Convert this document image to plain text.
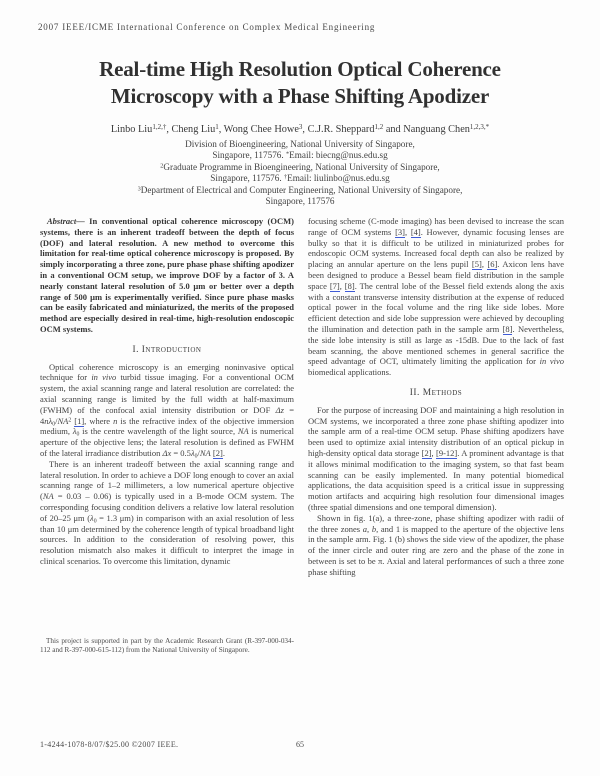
2007 IEEE/ICME International Conference on Complex Medical Engineering
Real-time High Resolution Optical Coherence
Microscopy with a Phase Shifting Apodizer
Linbo Liu$^{1,2,\dagger}$, Cheng Liu$^1$, Wong Chee Howe$^3$, C.J.R. Sheppard$^{1,2}$ and Nanguang Chen$^{1,2,3,*}$
Division of Bioengineering, National University of Singapore,
Singapore, 117576. *Email: biecng@nus.edu.sg
$^2$Graduate Programme in Bioengineering, National University of Singapore,
Singapore, 117576. †Email: liulinbo@nus.edu.sg
$^3$Department of Electrical and Computer Engineering, National University of Singapore,
Singapore, 117576

Abstract— In conventional optical coherence microscopy (OCM) systems, there is an inherent tradeoff between the depth of focus (DOF) and lateral resolution. A new method to overcome this limitation for real-time optical coherence microscopy is proposed. By simply incorporating a three zone, pure phase phase shifting apodizer in a conventional OCM setup, we improve DOF by a factor of 3. A nearly constant lateral resolution of 5.0 μm or better over a depth range of 500 μm is experimentally verified. Since pure phase masks can be easily fabricated and miniaturized, the merits of the proposed method are especially desired in real-time, high-resolution endoscopic OCM systems.

I. Introduction

Optical coherence microscopy is an emerging noninvasive optical technique for in vivo turbid tissue imaging. For a conventional OCM system, the axial scanning range and lateral resolution are correlated: the axial scanning range is limited by the full width at half-maximum (FWHM) of the confocal axial intensity distribution or DOF $\Delta z = 4n\lambda 0/NA^2$ [1], where n is the refractive index of the objective immersion medium, λ0 is the centre wavelength of the light source, NA is numerical aperture of the objective lens; the lateral resolution is defined as FWHM of the lateral irradiance distribution Δx = 0.5λ0/NA [2].

There is an inherent tradeoff between the axial scanning range and lateral resolution. In order to achieve a DOF long enough to cover an axial scanning range of 1–2 millimeters, a low numerical aperture objective (NA = 0.03 – 0.06) is typically used in a B-mode OCM system. The corresponding focusing condition delivers a relative low lateral resolution of 20–25 μm (λ0 = 1.3 μm) in comparison with an axial resolution of less than 10 μm determined by the coherence length of typical broadband light sources. In addition to the consideration of resolving power, this resolution mismatch also makes it difficult to interpret the image in clinical scenarios. To overcome this limitation, dynamic

This project is supported in part by the Academic Research Grant (R-397-000-034-112 and R-397-000-615-112) from the National University of Singapore.

focusing scheme (C-mode imaging) has been devised to increase the scan range of OCM systems [3], [4]. However, dynamic focusing lenses are bulky so that it is difficult to be utilized in miniaturized probes for endoscopic OCM systems. Increased focal depth can also be realized by placing an annular aperture on the lens pupil [5], [6]. Axicon lens have been designed to produce a Bessel beam field distribution in the sample space [7], [8]. The central lobe of the Bessel field extends along the axis with a constant transverse intensity distribution at the expense of reduced optical power in the focal volume and the ring like side lobes. More efficient detection and side lobe suppression were achieved by decoupling the illumination and detection path in the sample arm [8]. Nevertheless, the side lobe intensity is still as large as -15dB. Due to the lack of fast beam scanning, the above mentioned schemes in general sacrifice the speed advantage of OCT, ultimately limiting the application for in vivo biomedical applications.

II. Methods

For the purpose of increasing DOF and maintaining a high resolution in OCM systems, we incorporated a three zone phase shifting apodizer into the sample arm of a real-time OCM setup. Phase shifting apodizers have been used to optimize axial intensity distribution of an optical pickup in high-density optical data storage [2], [9-12]. A prominent advantage is that it allows minimal modification to the imaging system, so that fast beam scanning can be easily implemented. In many potential biomedical applications, the data acquisition speed is a critical issue in suppressing motion artifacts and acquiring high resolution four dimensional images (three spatial dimensions and one temporal dimension).

Shown in fig. 1(a), a three-zone, phase shifting apodizer with radii of the three zones a, b, and 1 is mapped to the aperture of the objective lens in the sample arm. Fig. 1 (b) shows the side view of the apodizer, the phase of the inner circle and outer ring are zero and the phase of the zone in between is set to be π. Axial and lateral performances of such a three zone phase shifting

1-4244-1078-8/07/$25.00 ©2007 IEEE.	65
